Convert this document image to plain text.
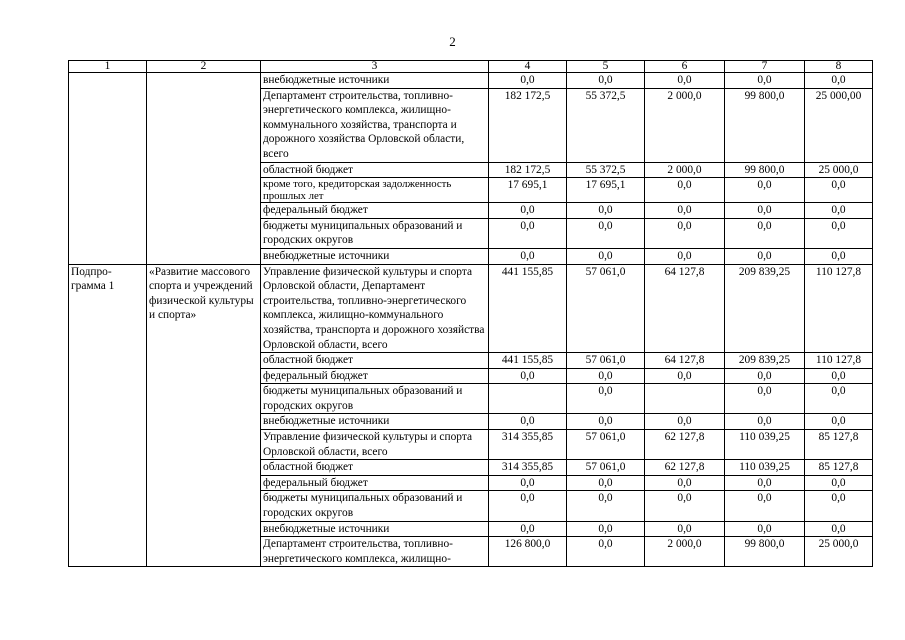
2
1	2	3	4	5	6	7	8
		внебюджетные источники	0,0	0,0	0,0	0,0	0,0
		Департамент строительства, топливно-энергетического комплекса, жилищно-коммунального хозяйства, транспорта и дорожного хозяйства Орловской области, всего	182 172,5	55 372,5	2 000,0	99 800,0	25 000,00
		областной бюджет	182 172,5	55 372,5	2 000,0	99 800,0	25 000,0
		кроме того, кредиторская задолженность прошлых лет	17 695,1	17 695,1	0,0	0,0	0,0
		федеральный бюджет	0,0	0,0	0,0	0,0	0,0
		бюджеты муниципальных образований и городских округов	0,0	0,0	0,0	0,0	0,0
		внебюджетные источники	0,0	0,0	0,0	0,0	0,0
Подпро-грамма 1	«Развитие массового спорта и учреждений физической культуры и спорта»	Управление физической культуры и спорта Орловской области, Департамент строительства, топливно-энергетического комплекса, жилищно-коммунального хозяйства, транспорта и дорожного хозяйства Орловской области, всего	441 155,85	57 061,0	64 127,8	209 839,25	110 127,8
		областной бюджет	441 155,85	57 061,0	64 127,8	209 839,25	110 127,8
		федеральный бюджет	0,0	0,0	0,0	0,0	0,0
		бюджеты муниципальных образований и городских округов		0,0		0,0	0,0
		внебюджетные источники	0,0	0,0	0,0	0,0	0,0
		Управление физической культуры и спорта Орловской области, всего	314 355,85	57 061,0	62 127,8	110 039,25	85 127,8
		областной бюджет	314 355,85	57 061,0	62 127,8	110 039,25	85 127,8
		федеральный бюджет	0,0	0,0	0,0	0,0	0,0
		бюджеты муниципальных образований и городских округов	0,0	0,0	0,0	0,0	0,0
		внебюджетные источники	0,0	0,0	0,0	0,0	0,0
		Департамент строительства, топливно-энергетического комплекса, жилищно-	126 800,0	0,0	2 000,0	99 800,0	25 000,0
